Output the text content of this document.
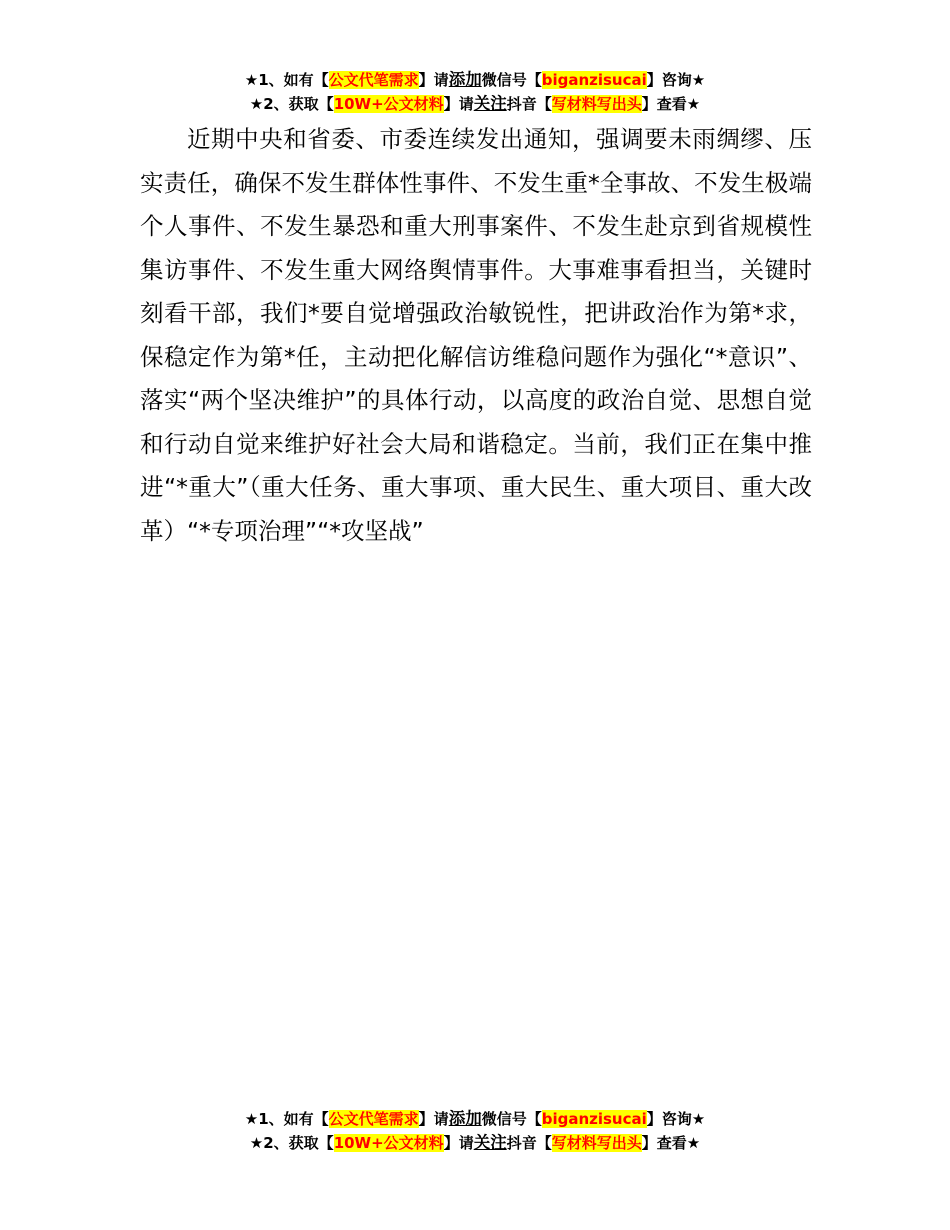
★1、如有【公文代笔需求】请添加微信号【biganzisucai】咨询★
★2、获取【10W+公文材料】请关注抖音【写材料写出头】查看★

近期中央和省委、市委连续发出通知，强调要未雨绸缪、压实责任，确保不发生群体性事件、不发生重*全事故、不发生极端个人事件、不发生暴恐和重大刑事案件、不发生赴京到省规模性集访事件、不发生重大网络舆情事件。大事难事看担当，关键时刻看干部，我们*要自觉增强政治敏锐性，把讲政治作为第*求，保稳定作为第*任，主动把化解信访维稳问题作为强化“*意识”、落实“两个坚决维护”的具体行动，以高度的政治自觉、思想自觉和行动自觉来维护好社会大局和谐稳定。当前，我们正在集中推进“*重大”（重大任务、重大事项、重大民生、重大项目、重大改革）“*专项治理”“*攻坚战”

★1、如有【公文代笔需求】请添加微信号【biganzisucai】咨询★
★2、获取【10W+公文材料】请关注抖音【写材料写出头】查看★
